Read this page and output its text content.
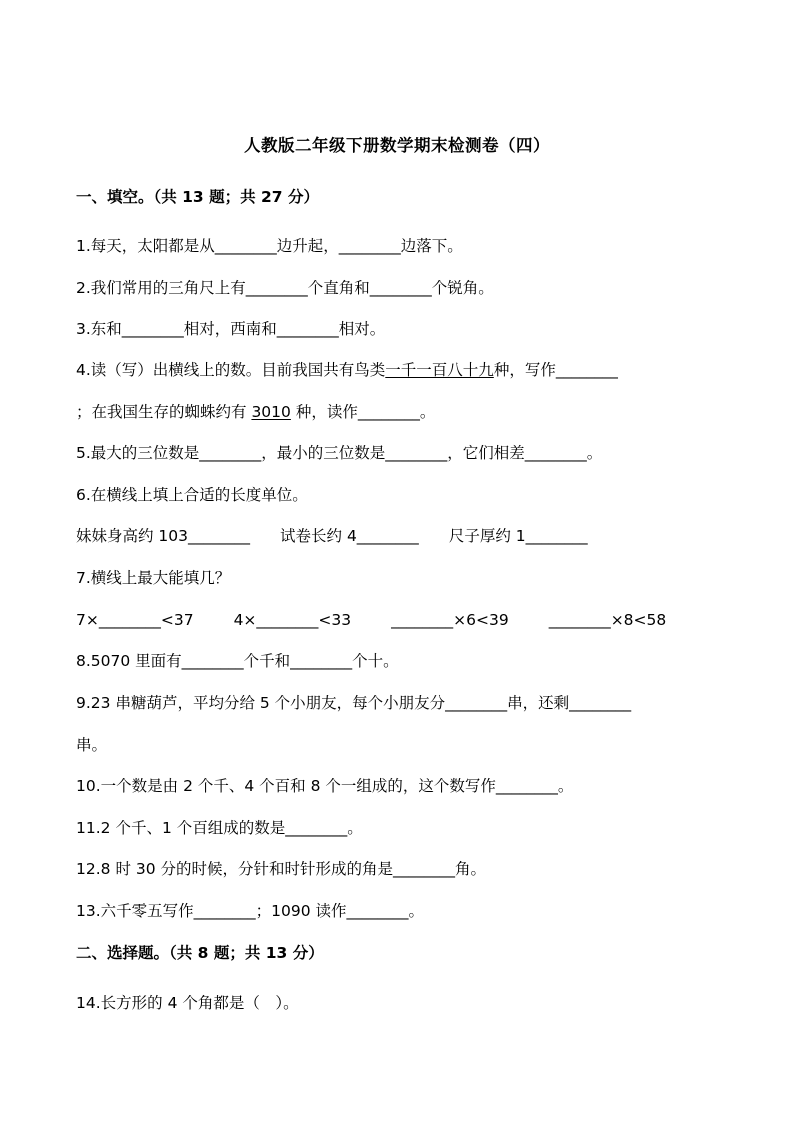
人教版二年级下册数学期末检测卷（四）
一、填空。（共 13 题；共 27 分）
1.每天，太阳都是从________边升起，________边落下。
2.我们常用的三角尺上有________个直角和________个锐角。
3.东和________相对，西南和________相对。
4.读（写）出横线上的数。目前我国共有鸟类一千一百八十九种，写作________
；在我国生存的蜘蛛约有 3010 种，读作________。
5.最大的三位数是________，最小的三位数是________，它们相差________。
6.在横线上填上合适的长度单位。
妹妹身高约 103________ 试卷长约 4________ 尺子厚约 1________
7.横线上最大能填几？
7×________<37	4×________<33	________×6<39	________×8<58
8.5070 里面有________个千和________个十。
9.23 串糖葫芦，平均分给 5 个小朋友，每个小朋友分________串，还剩________
串。
10.一个数是由 2 个千、4 个百和 8 个一组成的，这个数写作________。
11.2 个千、1 个百组成的数是________。
12.8 时 30 分的时候，分针和时针形成的角是________角。
13.六千零五写作________；1090 读作________。
二、选择题。（共 8 题；共 13 分）
14.长方形的 4 个角都是（　）。
